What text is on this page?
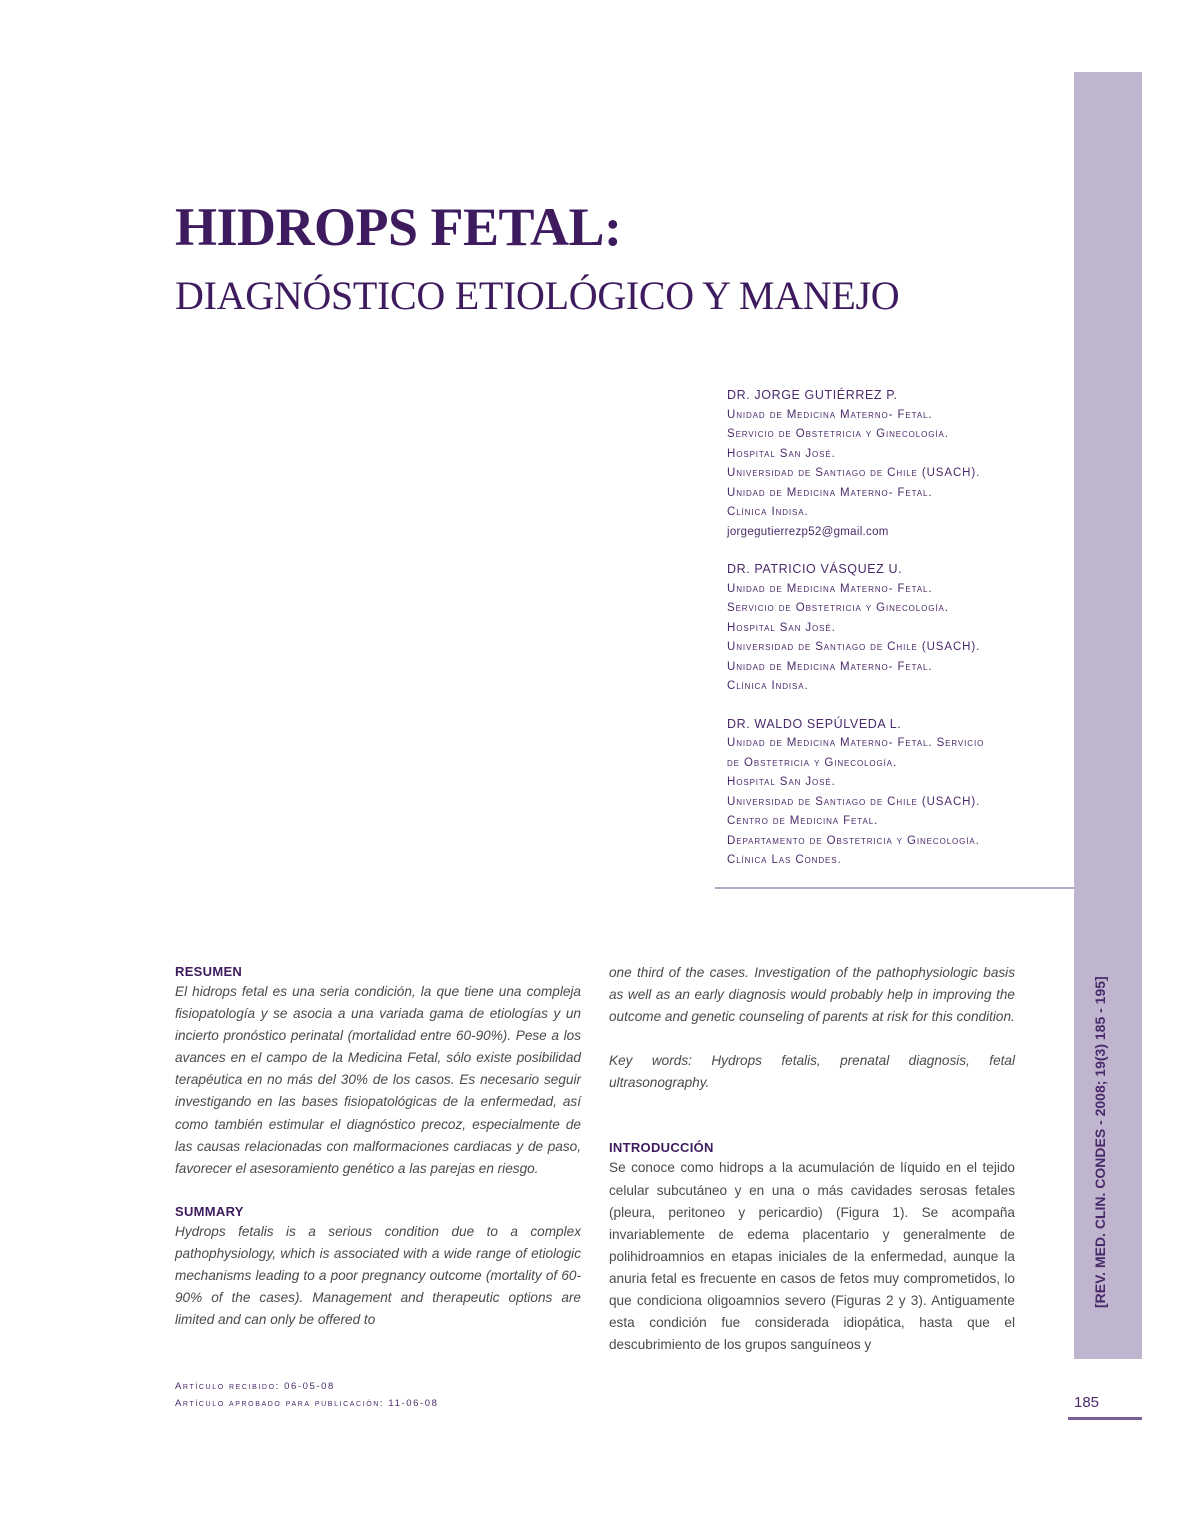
[REV. MED. CLIN. CONDES - 2008; 19(3) 185 - 195]
HIDROPS FETAL:
DIAGNÓSTICO ETIOLÓGICO Y MANEJO
DR. JORGE GUTIÉRREZ P.
Unidad de Medicina Materno- Fetal.
Servicio de Obstetricia y Ginecología.
Hospital San José.
Universidad de Santiago de Chile (USACH).
Unidad de Medicina Materno- Fetal.
Clínica Indisa.
jorgegutierrezp52@gmail.com
DR. PATRICIO VÁSQUEZ U.
Unidad de Medicina Materno- Fetal.
Servicio de Obstetricia y Ginecología.
Hospital San José.
Universidad de Santiago de Chile (USACH).
Unidad de Medicina Materno- Fetal.
Clínica Indisa.
DR. WALDO SEPÚLVEDA L.
Unidad de Medicina Materno- Fetal. Servicio
de Obstetricia y Ginecología.
Hospital San José.
Universidad de Santiago de Chile (USACH).
Centro de Medicina Fetal.
Departamento de Obstetricia y Ginecología.
Clínica Las Condes.
RESUMEN

El hidrops fetal es una seria condición, la que tiene una compleja fisiopatología y se asocia a una variada gama de etiologías y un incierto pronóstico perinatal (mortalidad entre 60-90%). Pese a los avances en el campo de la Medicina Fetal, sólo existe posibilidad terapéutica en no más del 30% de los casos. Es necesario seguir investigando en las bases fisiopatológicas de la enfermedad, así como también estimular el diagnóstico precoz, especialmente de las causas relacionadas con malformaciones cardiacas y de paso, favorecer el asesoramiento genético a las parejas en riesgo.

SUMMARY

Hydrops fetalis is a serious condition due to a complex pathophysiology, which is associated with a wide range of etiologic mechanisms leading to a poor pregnancy outcome (mortality of 60-90% of the cases). Management and therapeutic options are limited and can only be offered to

one third of the cases. Investigation of the pathophysiologic basis as well as an early diagnosis would probably help in improving the outcome and genetic counseling of parents at risk for this condition.

Key words: Hydrops fetalis, prenatal diagnosis, fetal ultrasonography.

INTRODUCCIÓN

Se conoce como hidrops a la acumulación de líquido en el tejido celular subcutáneo y en una o más cavidades serosas fetales (pleura, peritoneo y pericardio) (Figura 1). Se acompaña invariablemente de edema placentario y generalmente de polihidroamnios en etapas iniciales de la enfermedad, aunque la anuria fetal es frecuente en casos de fetos muy comprometidos, lo que condiciona oligoamnios severo (Figuras 2 y 3). Antiguamente esta condición fue considerada idiopática, hasta que el descubrimiento de los grupos sanguíneos y

Artículo recibido: 06-05-08
Artículo aprobado para publicación: 11-06-08	185
